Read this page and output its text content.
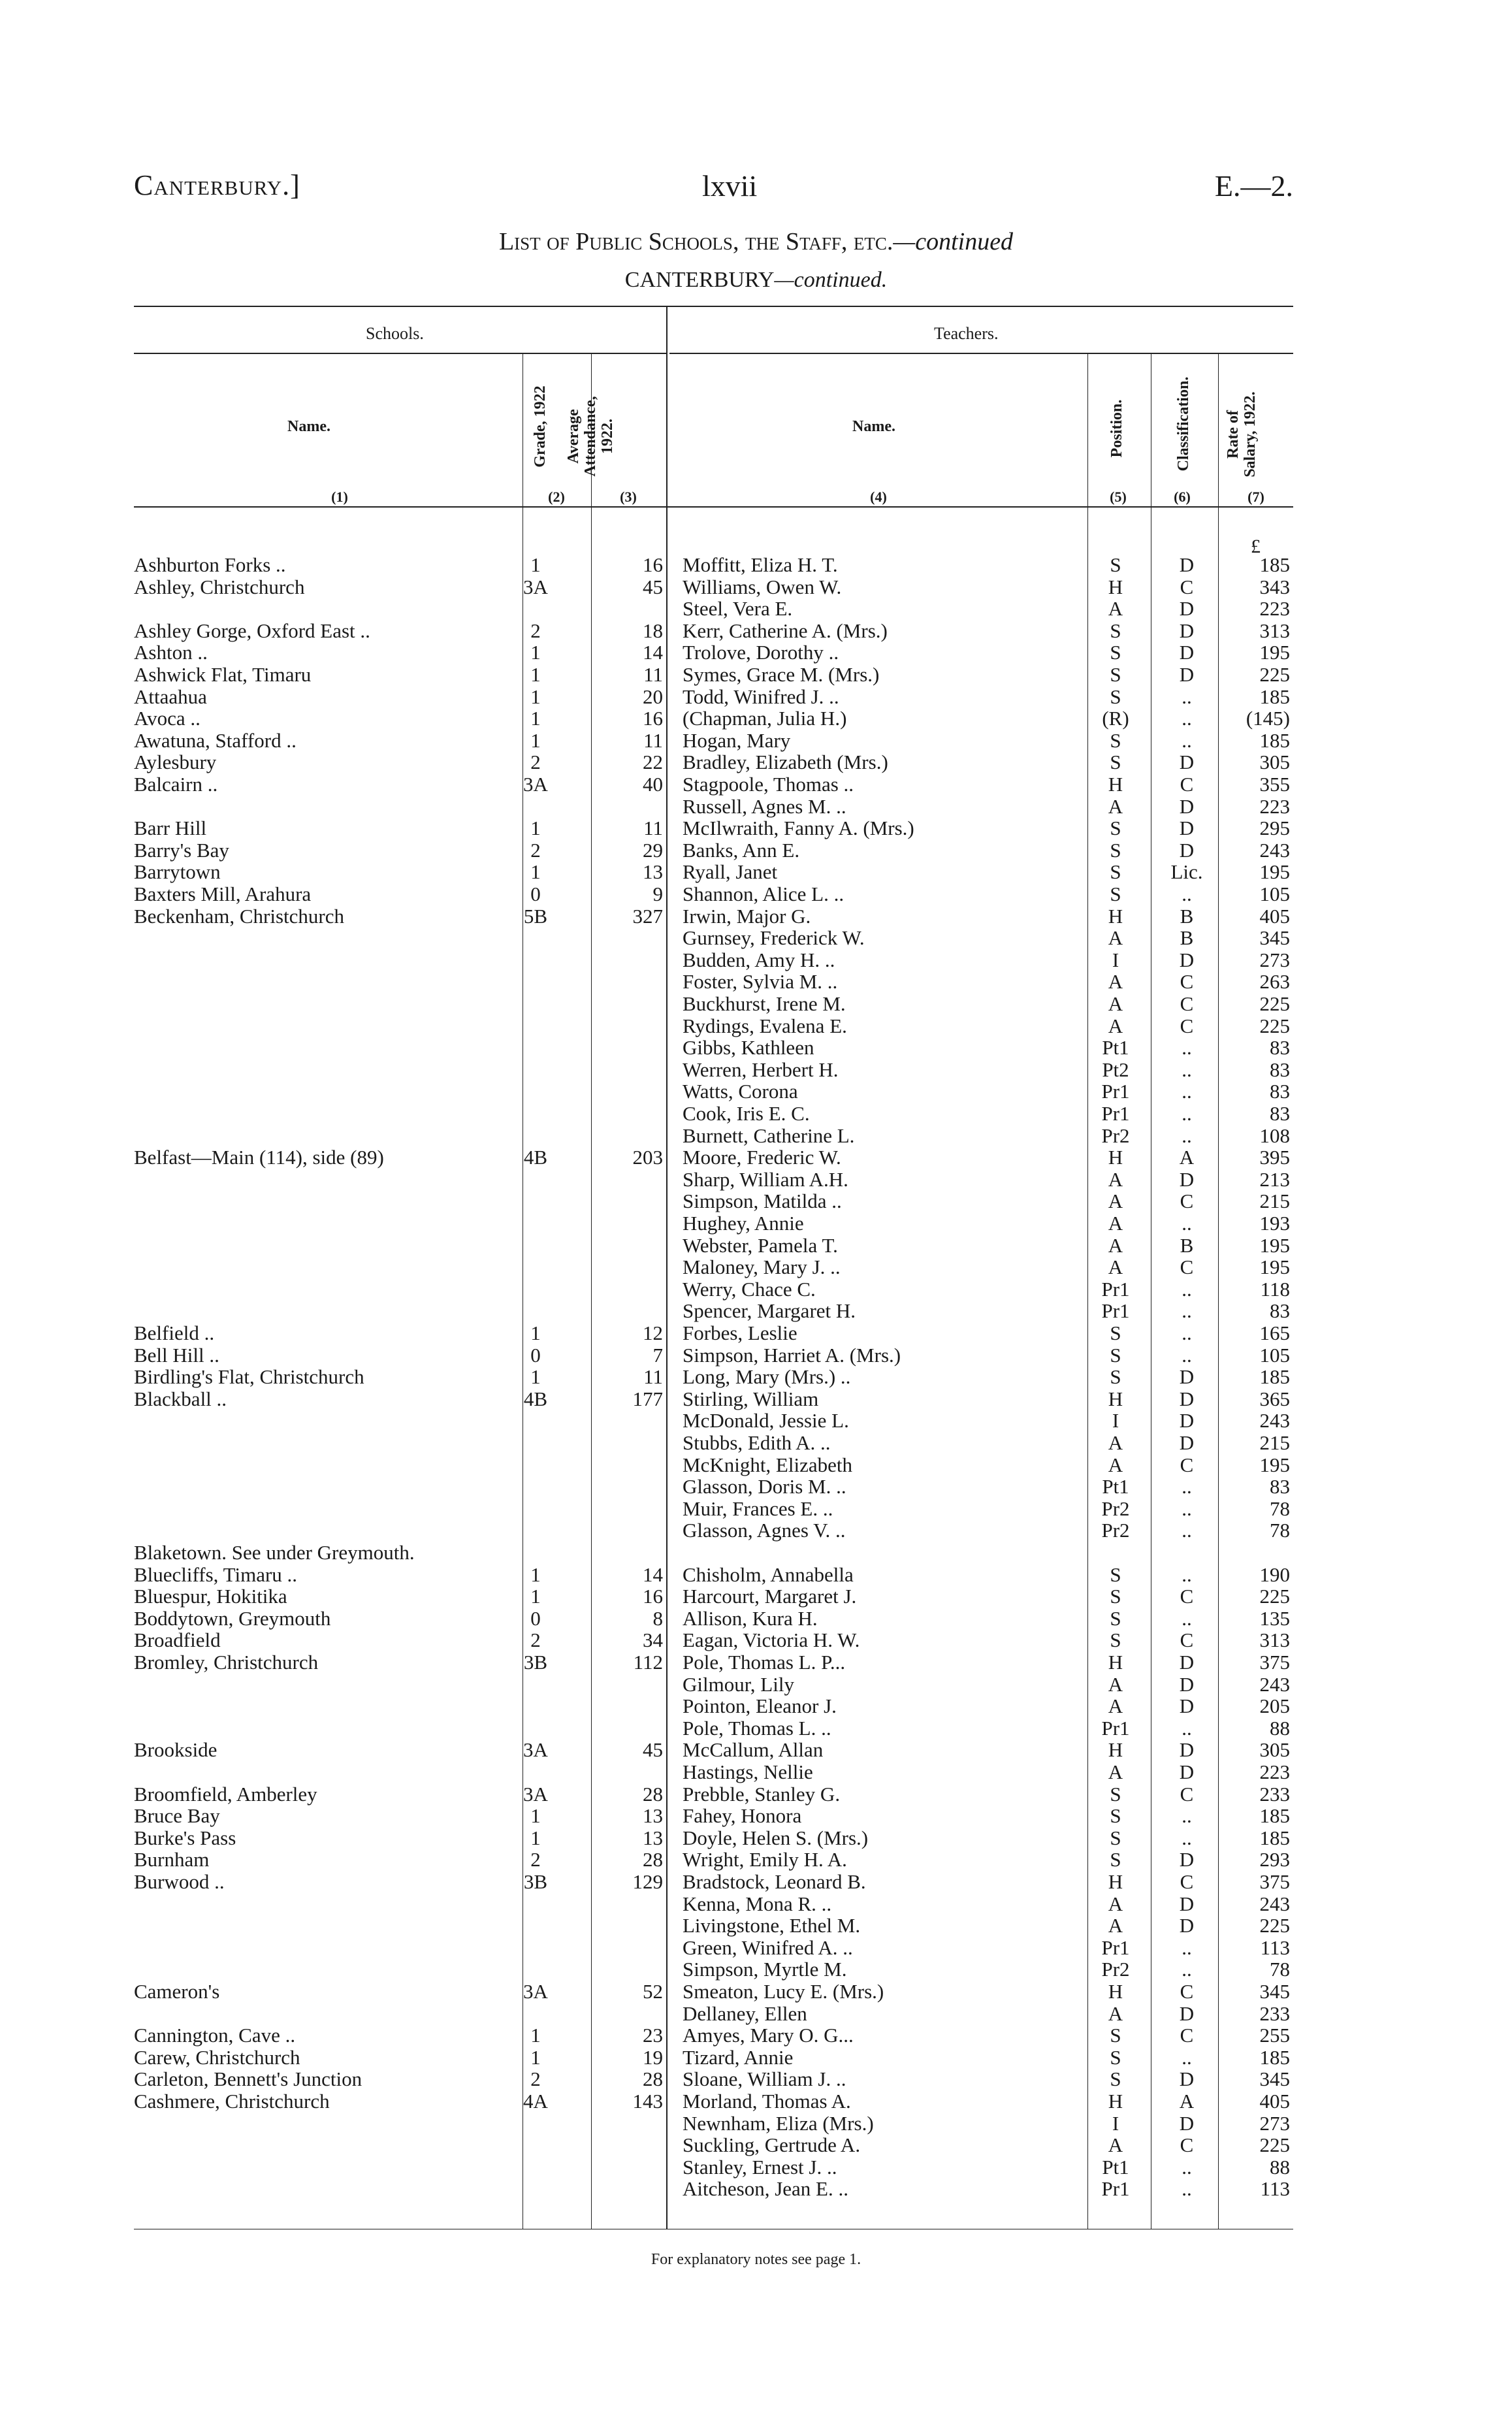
Canterbury.]	lxvii	E.—2.
List of Public Schools, the Staff, etc.—continued
CANTERBURY—continued.
Schools.	Teachers.
Name.	Name.
Grade, 1922 Average Attendance, 1922.	Position.	Classification. Rate of Salary, 1922.
(1)	(2)	(3)	(4)	(5)	(6)	(7)
£
Ashburton Forks ..	1	16 Moffitt, Eliza H. T.	S	D	185
Ashley, Christchurch	3A	45 Williams, Owen W.	H	C	343
Steel, Vera E.	A	D	223
Ashley Gorge, Oxford East ..	2	18 Kerr, Catherine A. (Mrs.)	S	D	313
Ashton ..	1	14 Trolove, Dorothy ..	S	D	195
Ashwick Flat, Timaru	1	11 Symes, Grace M. (Mrs.)	S	D	225
Attaahua	1	20 Todd, Winifred J. ..	S	..	185
Avoca ..	1	16 (Chapman, Julia H.)	(R)	..	(145)
Awatuna, Stafford ..	1	11 Hogan, Mary	S	..	185
Aylesbury	2	22 Bradley, Elizabeth (Mrs.)	S	D	305
Balcairn ..	3A	40 Stagpoole, Thomas ..	H	C	355
Russell, Agnes M. ..	A	D	223
Barr Hill	1	11 McIlwraith, Fanny A. (Mrs.)	S	D	295
Barry's Bay	2	29 Banks, Ann E.	S	D	243
Barrytown	1	13 Ryall, Janet	S	Lic.	195
Baxters Mill, Arahura	0	9 Shannon, Alice L. ..	S	..	105
Beckenham, Christchurch	5B	327 Irwin, Major G.	H	B	405
Gurnsey, Frederick W.	A	B	345
Budden, Amy H. ..	I	D	273
Foster, Sylvia M. ..	A	C	263
Buckhurst, Irene M.	A	C	225
Rydings, Evalena E.	A	C	225
Gibbs, Kathleen	Pt1	..	83
Werren, Herbert H.	Pt2	..	83
Watts, Corona	Pr1	..	83
Cook, Iris E. C.	Pr1	..	83
Burnett, Catherine L.	Pr2	..	108
Belfast—Main (114), side (89)	4B	203 Moore, Frederic W.	H	A	395
Sharp, William A.H.	A	D	213
Simpson, Matilda ..	A	C	215
Hughey, Annie	A	..	193
Webster, Pamela T.	A	B	195
Maloney, Mary J. ..	A	C	195
Werry, Chace C.	Pr1	..	118
Spencer, Margaret H.	Pr1	..	83
Belfield ..	1	12 Forbes, Leslie	S	..	165
Bell Hill ..	0	7 Simpson, Harriet A. (Mrs.)	S	..	105
Birdling's Flat, Christchurch	1	11 Long, Mary (Mrs.) ..	S	D	185
Blackball ..	4B	177 Stirling, William	H	D	365
McDonald, Jessie L.	I	D	243
Stubbs, Edith A. ..	A	D	215
McKnight, Elizabeth	A	C	195
Glasson, Doris M. ..	Pt1	..	83
Muir, Frances E. ..	Pr2	..	78
Glasson, Agnes V. ..	Pr2	..	78
Blaketown. See under Greymouth.
Bluecliffs, Timaru ..	1	14 Chisholm, Annabella	S	..	190
Bluespur, Hokitika	1	16 Harcourt, Margaret J.	S	C	225
Boddytown, Greymouth	0	8 Allison, Kura H.	S	..	135
Broadfield	2	34 Eagan, Victoria H. W.	S	C	313
Bromley, Christchurch	3B	112 Pole, Thomas L. P...	H	D	375
Gilmour, Lily	A	D	243
Pointon, Eleanor J.	A	D	205
Pole, Thomas L. ..	Pr1	..	88
Brookside	3A	45 McCallum, Allan	H	D	305
Hastings, Nellie	A	D	223
Broomfield, Amberley	3A	28 Prebble, Stanley G.	S	C	233
Bruce Bay	1	13 Fahey, Honora	S	..	185
Burke's Pass	1	13 Doyle, Helen S. (Mrs.)	S	..	185
Burnham	2	28 Wright, Emily H. A.	S	D	293
Burwood ..	3B	129 Bradstock, Leonard B.	H	C	375
Kenna, Mona R. ..	A	D	243
Livingstone, Ethel M.	A	D	225
Green, Winifred A. ..	Pr1	..	113
Simpson, Myrtle M.	Pr2	..	78
Cameron's	3A	52 Smeaton, Lucy E. (Mrs.)	H	C	345
Dellaney, Ellen	A	D	233
Cannington, Cave ..	1	23 Amyes, Mary O. G...	S	C	255
Carew, Christchurch	1	19 Tizard, Annie	S	..	185
Carleton, Bennett's Junction	2	28 Sloane, William J. ..	S	D	345
Cashmere, Christchurch	4A	143 Morland, Thomas A.	H	A	405
Newnham, Eliza (Mrs.)	I	D	273
Suckling, Gertrude A.	A	C	225
Stanley, Ernest J. ..	Pt1	..	88
Aitcheson, Jean E. ..	Pr1	..	113
For explanatory notes see page 1.
